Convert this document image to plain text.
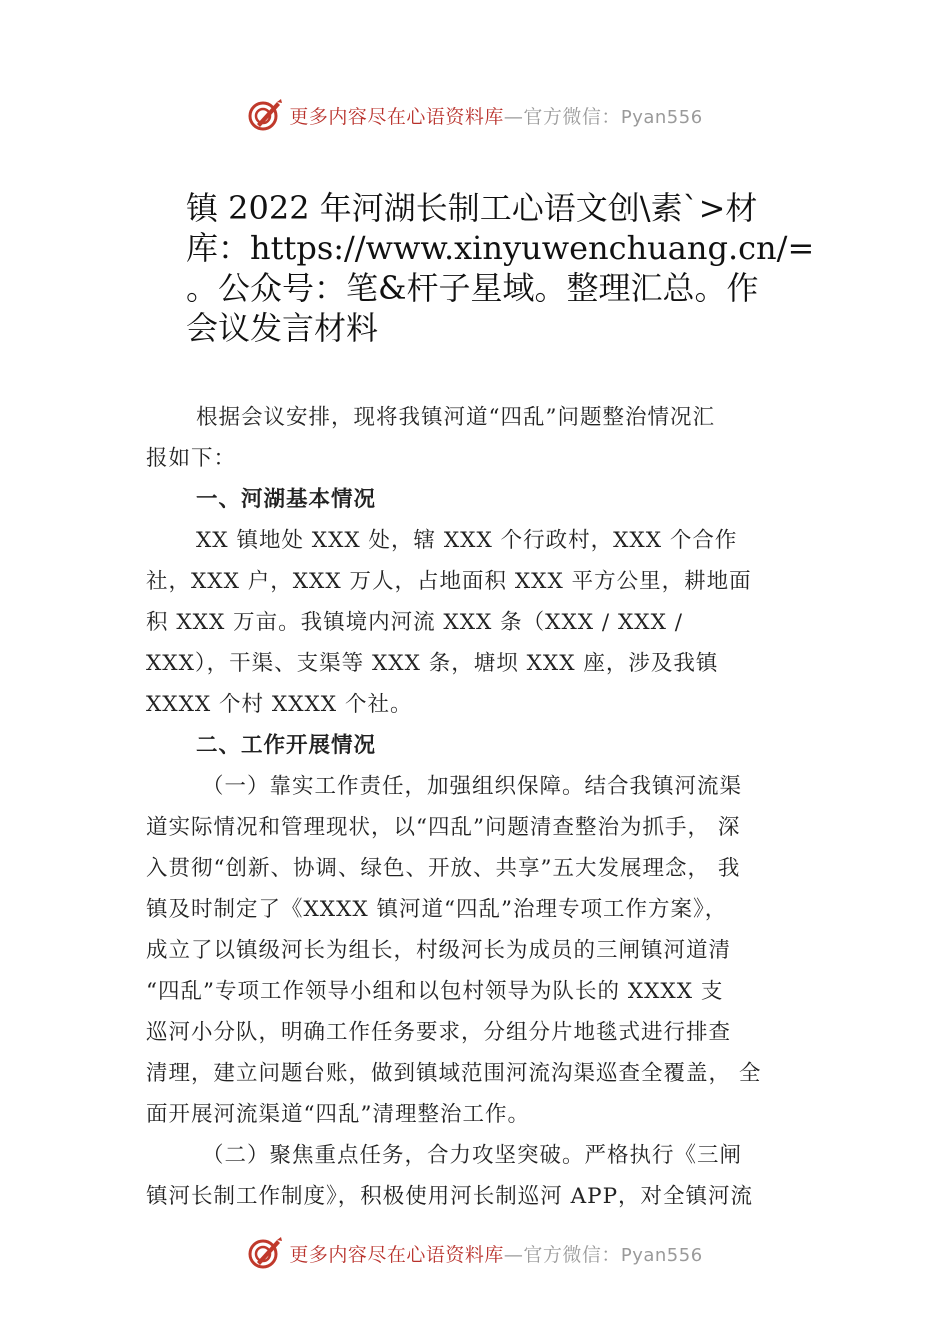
更多内容尽在心语资料库—官方微信：Pyan556
镇 2022 年河湖长制工心语文创\素`>材
库：https://www.xinyuwenchuang.cn/=
。公众号：笔&杆子星域。整理汇总。作
会议发言材料
根据会议安排，现将我镇河道“四乱”问题整治情况汇
报如下：
一、河湖基本情况
XX 镇地处 XXX 处，辖 XXX 个行政村，XXX 个合作
社，XXX 户，XXX 万人，占地面积 XXX 平方公里，耕地面
积 XXX 万亩。我镇境内河流 XXX 条（XXX / XXX /
XXX），干渠、支渠等 XXX 条，塘坝 XXX 座，涉及我镇
XXXX 个村 XXXX 个社。
二、工作开展情况
（一）靠实工作责任，加强组织保障。结合我镇河流渠
道实际情况和管理现状，以“四乱”问题清查整治为抓手， 深
入贯彻“创新、协调、绿色、开放、共享”五大发展理念， 我
镇及时制定了《XXXX 镇河道“四乱”治理专项工作方案》，
成立了以镇级河长为组长，村级河长为成员的三闸镇河道清
“四乱”专项工作领导小组和以包村领导为队长的 XXXX 支
巡河小分队，明确工作任务要求，分组分片地毯式进行排查
清理，建立问题台账，做到镇域范围河流沟渠巡查全覆盖， 全
面开展河流渠道“四乱”清理整治工作。
（二）聚焦重点任务，合力攻坚突破。严格执行《三闸
镇河长制工作制度》，积极使用河长制巡河 APP，对全镇河流
更多内容尽在心语资料库—官方微信：Pyan556
